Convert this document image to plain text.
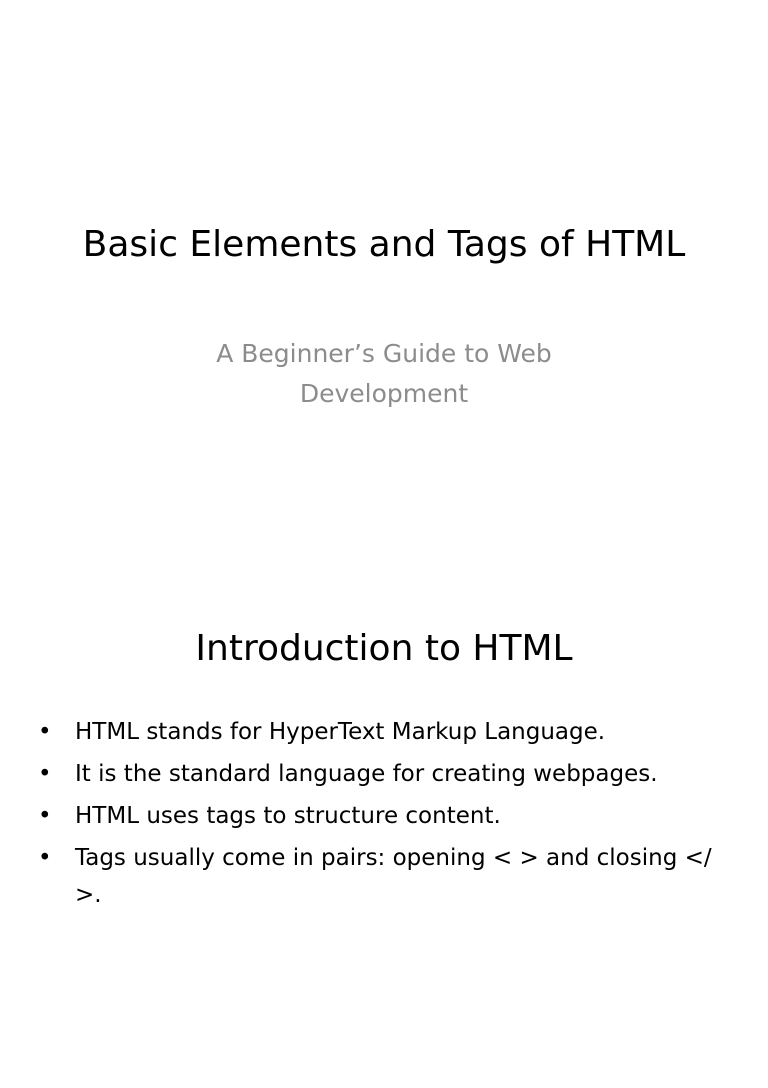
Basic Elements and Tags of HTML

A Beginner’s Guide to Web Development

Introduction to HTML
• HTML stands for HyperText Markup Language.
• It is the standard language for creating webpages.
• HTML uses tags to structure content.
• Tags usually come in pairs: opening < > and closing </ >.
